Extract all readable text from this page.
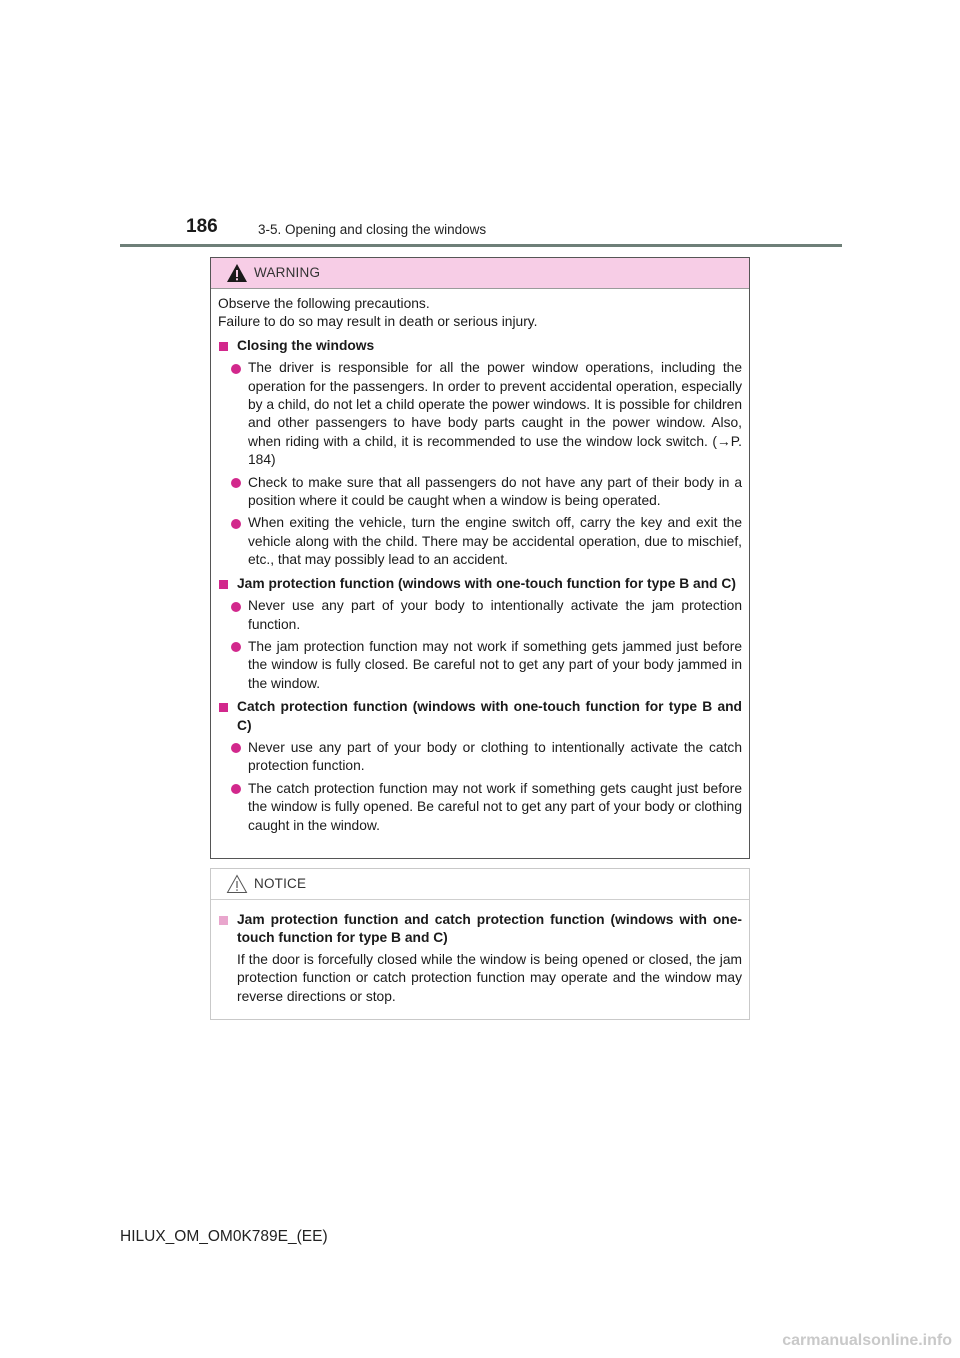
186	3-5. Opening and closing the windows
WARNING

Observe the following precautions.
Failure to do so may result in death or serious injury.

Closing the windows
The driver is responsible for all the power window operations, including the operation for the passengers. In order to prevent accidental operation, especially by a child, do not let a child operate the power windows. It is possible for children and other passengers to have body parts caught in the power window. Also, when riding with a child, it is recommended to use the window lock switch. (→P. 184)
Check to make sure that all passengers do not have any part of their body in a position where it could be caught when a window is being operated.
When exiting the vehicle, turn the engine switch off, carry the key and exit the vehicle along with the child. There may be accidental operation, due to mischief, etc., that may possibly lead to an accident.
Jam protection function (windows with one-touch function for type B and C)
Never use any part of your body to intentionally activate the jam protection function.
The jam protection function may not work if something gets jammed just before the window is fully closed. Be careful not to get any part of your body jammed in the window.
Catch protection function (windows with one-touch function for type B and C)
Never use any part of your body or clothing to intentionally activate the catch protection function.
The catch protection function may not work if something gets caught just before the window is fully opened. Be careful not to get any part of your body or clothing caught in the window.
NOTICE
Jam protection function and catch protection function (windows with one-touch function for type B and C)
If the door is forcefully closed while the window is being opened or closed, the jam protection function or catch protection function may operate and the window may reverse directions or stop.
HILUX_OM_OM0K789E_(EE)
carmanualsonline.info
